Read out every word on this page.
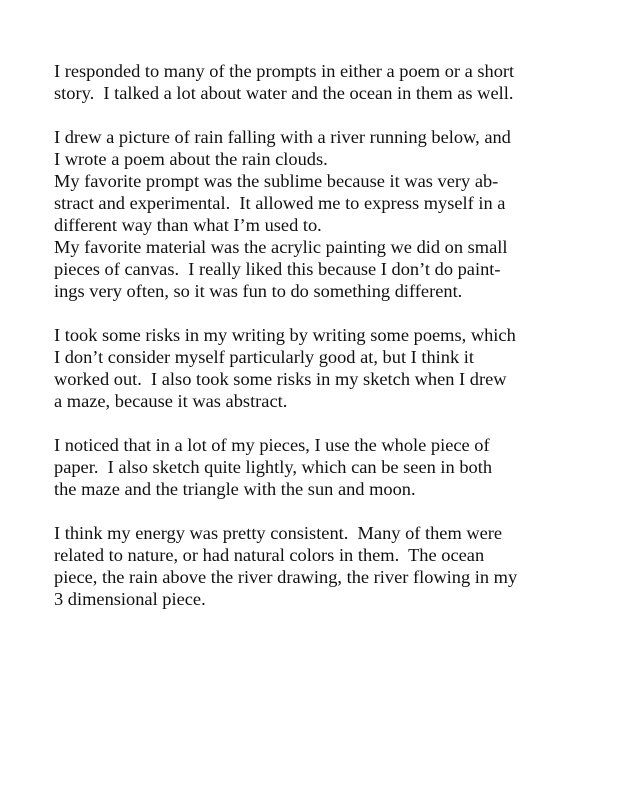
I responded to many of the prompts in either a poem or a short
story.  I talked a lot about water and the ocean in them as well.

I drew a picture of rain falling with a river running below, and
I wrote a poem about the rain clouds.
My favorite prompt was the sublime because it was very ab-
stract and experimental.  It allowed me to express myself in a
different way than what I’m used to.
My favorite material was the acrylic painting we did on small
pieces of canvas.  I really liked this because I don’t do paint-
ings very often, so it was fun to do something different.

I took some risks in my writing by writing some poems, which
I don’t consider myself particularly good at, but I think it
worked out.  I also took some risks in my sketch when I drew
a maze, because it was abstract.

I noticed that in a lot of my pieces, I use the whole piece of
paper.  I also sketch quite lightly, which can be seen in both
the maze and the triangle with the sun and moon.

I think my energy was pretty consistent.  Many of them were
related to nature, or had natural colors in them.  The ocean
piece, the rain above the river drawing, the river flowing in my
3 dimensional piece.
